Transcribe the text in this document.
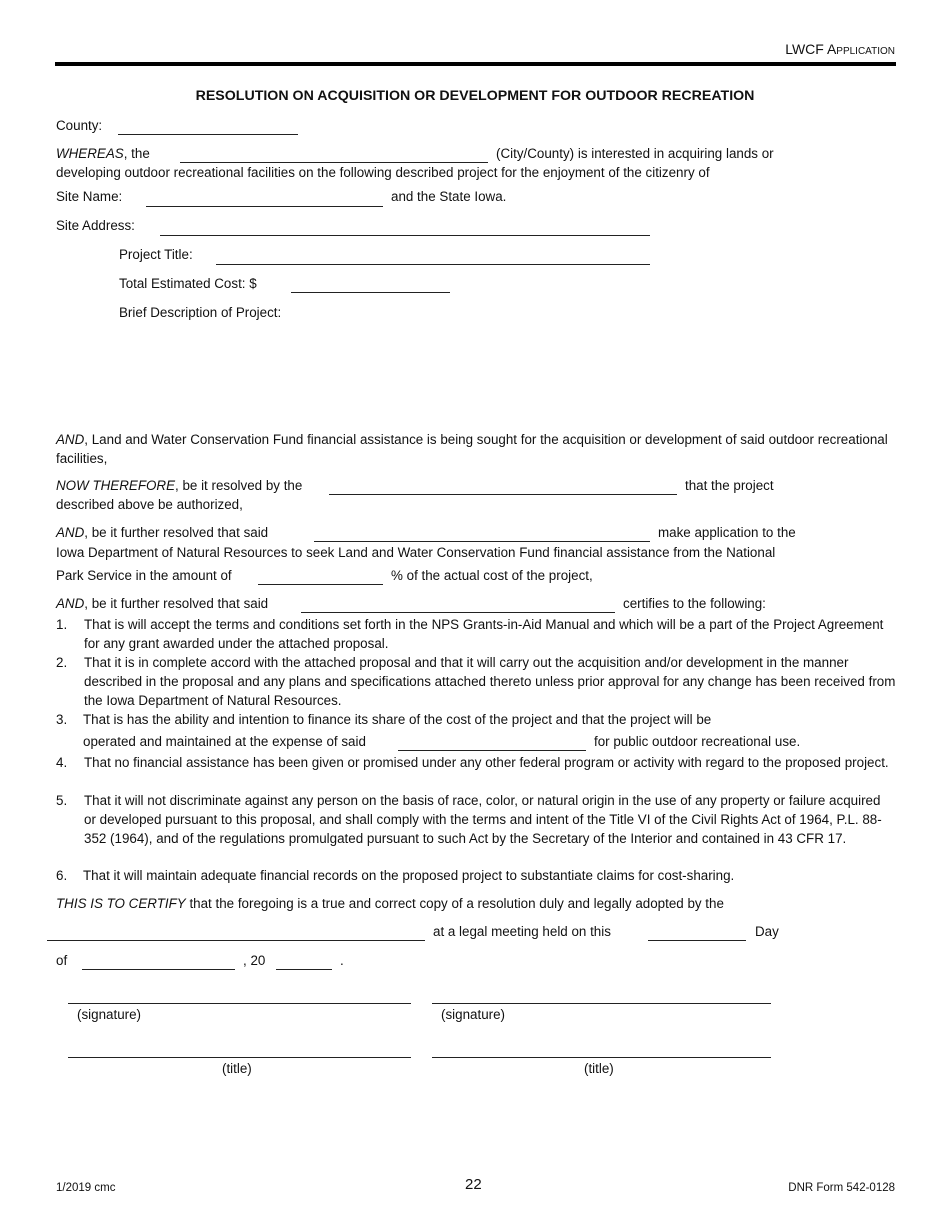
LWCF Application
RESOLUTION ON ACQUISITION OR DEVELOPMENT FOR OUTDOOR RECREATION
County:
WHEREAS, the	(City/County) is interested in acquiring lands or
developing outdoor recreational facilities on the following described project for the enjoyment of the citizenry of
Site Name:	and the State Iowa.
Site Address:
Project Title:
Total Estimated Cost: $
Brief Description of Project:
AND, Land and Water Conservation Fund financial assistance is being sought for the acquisition or development of said outdoor recreational facilities,
NOW THEREFORE, be it resolved by the	that the project
described above be authorized,
AND, be it further resolved that said	make application to the
Iowa Department of Natural Resources to seek Land and Water Conservation Fund financial assistance from the National
Park Service in the amount of	% of the actual cost of the project,
AND, be it further resolved that said	certifies to the following:
1. That is will accept the terms and conditions set forth in the NPS Grants-in-Aid Manual and which will be a part of the Project Agreement for any grant awarded under the attached proposal.
2. That it is in complete accord with the attached proposal and that it will carry out the acquisition and/or development in the manner described in the proposal and any plans and specifications attached thereto unless prior approval for any change has been received from the Iowa Department of Natural Resources.
3. That is has the ability and intention to finance its share of the cost of the project and that the project will be
operated and maintained at the expense of said	for public outdoor recreational use.
4. That no financial assistance has been given or promised under any other federal program or activity with regard to the proposed project.
5. That it will not discriminate against any person on the basis of race, color, or natural origin in the use of any property or failure acquired or developed pursuant to this proposal, and shall comply with the terms and intent of the Title VI of the Civil Rights Act of 1964, P.L. 88-352 (1964), and of the regulations promulgated pursuant to such Act by the Secretary of the Interior and contained in 43 CFR 17.
6. That it will maintain adequate financial records on the proposed project to substantiate claims for cost-sharing.
THIS IS TO CERTIFY that the foregoing is a true and correct copy of a resolution duly and legally adopted by the
at a legal meeting held on this	Day
of	, 20	.
(signature)	(signature)
(title)	(title)
1/2019 cmc	22	DNR Form 542-0128
